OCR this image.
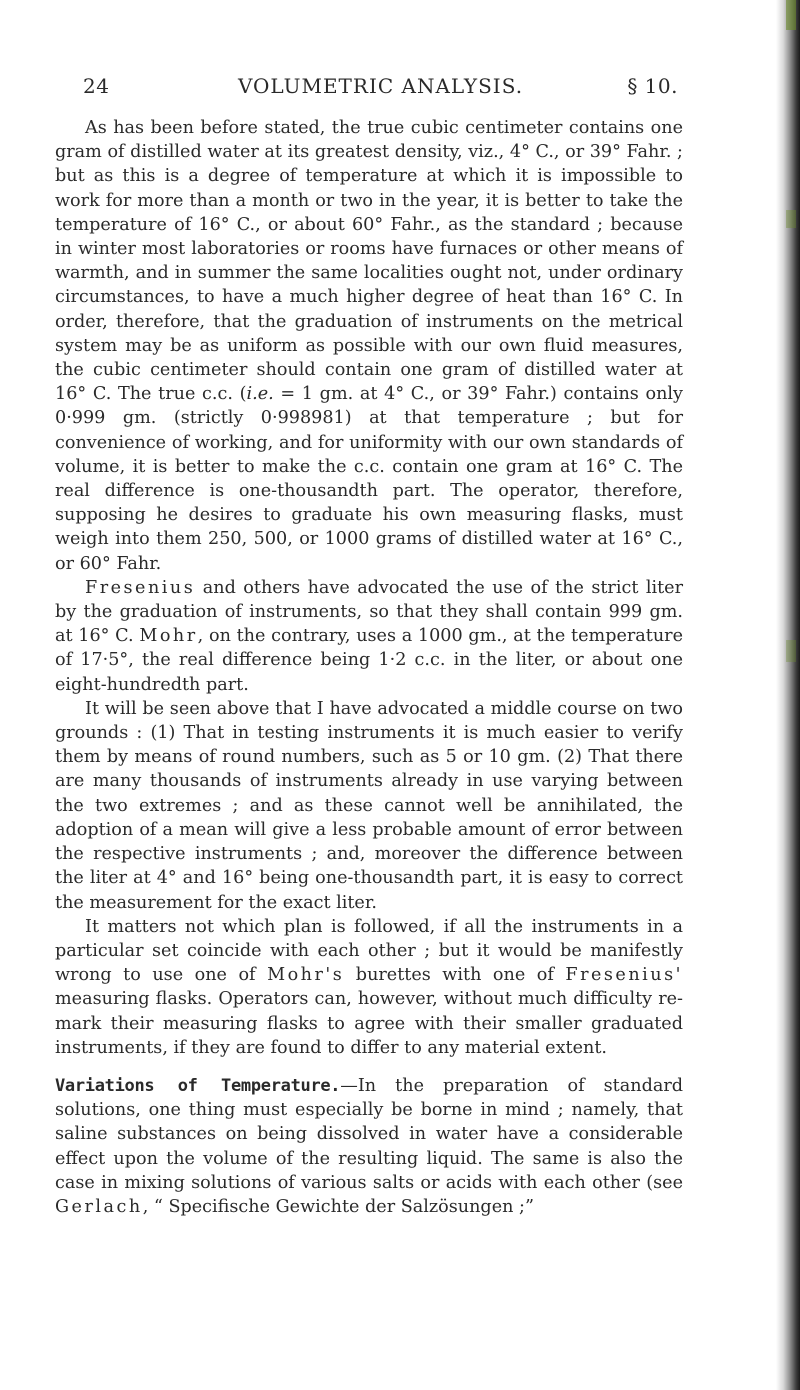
24	VOLUMETRIC ANALYSIS.	§ 10.

As has been before stated, the true cubic centimeter contains one gram of distilled water at its greatest density, viz., 4° C., or 39° Fahr. ; but as this is a degree of temperature at which it is impossible to work for more than a month or two in the year, it is better to take the temperature of 16° C., or about 60° Fahr., as the standard ; because in winter most laboratories or rooms have furnaces or other means of warmth, and in summer the same localities ought not, under ordinary circumstances, to have a much higher degree of heat than 16° C. In order, therefore, that the graduation of instruments on the metrical system may be as uniform as possible with our own fluid measures, the cubic centimeter should contain one gram of distilled water at 16° C. The true c.c. (i.e. = 1 gm. at 4° C., or 39° Fahr.) contains only 0·999 gm. (strictly 0·998981) at that temperature ; but for convenience of working, and for uniformity with our own standards of volume, it is better to make the c.c. contain one gram at 16° C. The real difference is one-thousandth part. The operator, therefore, supposing he desires to graduate his own measuring flasks, must weigh into them 250, 500, or 1000 grams of distilled water at 16° C., or 60° Fahr.

Fresenius and others have advocated the use of the strict liter by the graduation of instruments, so that they shall contain 999 gm. at 16° C. Mohr, on the contrary, uses a 1000 gm., at the temperature of 17·5°, the real difference being 1·2 c.c. in the liter, or about one eight-hundredth part.

It will be seen above that I have advocated a middle course on two grounds : (1) That in testing instruments it is much easier to verify them by means of round numbers, such as 5 or 10 gm. (2) That there are many thousands of instruments already in use varying between the two extremes ; and as these cannot well be annihilated, the adoption of a mean will give a less probable amount of error between the respective instruments ; and, moreover the difference between the liter at 4° and 16° being one-thousandth part, it is easy to correct the measurement for the exact liter.

It matters not which plan is followed, if all the instruments in a particular set coincide with each other ; but it would be manifestly wrong to use one of Mohr's burettes with one of Fresenius' measuring flasks. Operators can, however, without much difficulty re-mark their measuring flasks to agree with their smaller graduated instruments, if they are found to differ to any material extent.

Variations of Temperature.—In the preparation of standard solutions, one thing must especially be borne in mind ; namely, that saline substances on being dissolved in water have a considerable effect upon the volume of the resulting liquid. The same is also the case in mixing solutions of various salts or acids with each other (see Gerlach, “ Specifische Gewichte der Salzösungen ;”
